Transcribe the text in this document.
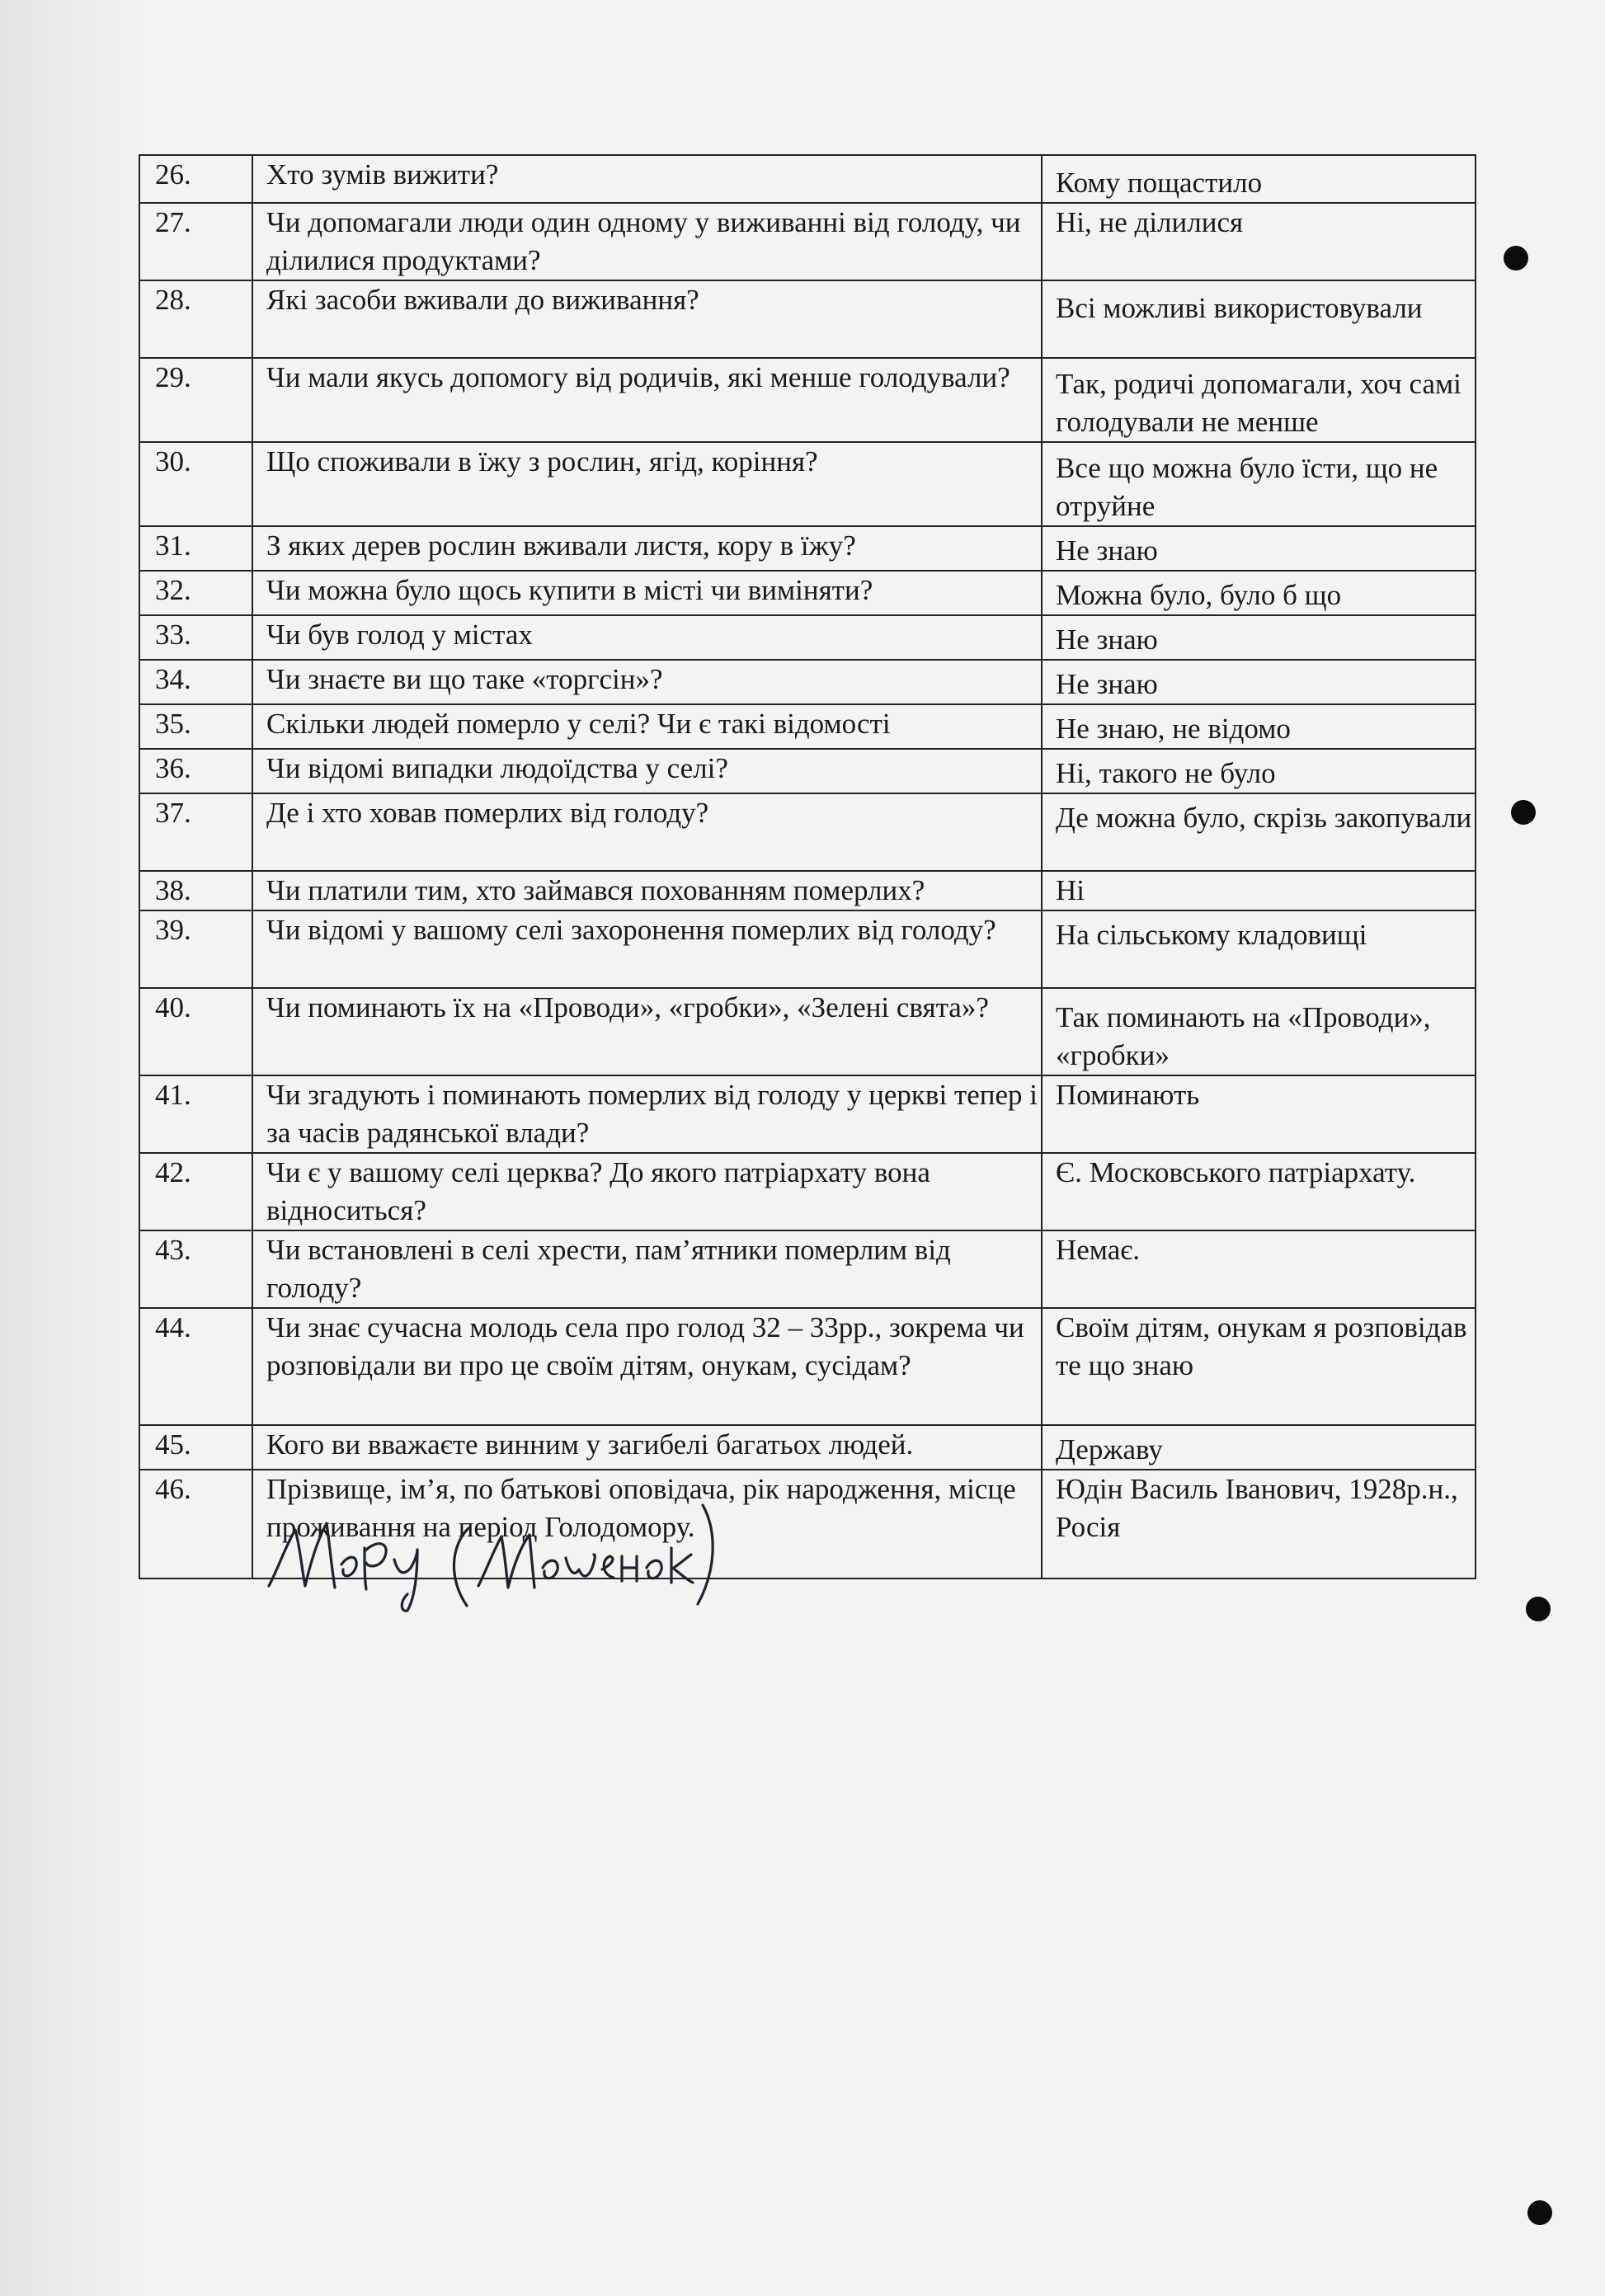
26.	Хто зумів вижити?	Кому пощастило
27.	Чи допомагали люди один одному у виживанні від голоду, чи ділилися продуктами?	Ні, не ділилися
28.	Які засоби вживали до виживання?	Всі можливі використовували
29.	Чи мали якусь допомогу від родичів, які менше голодували?	Так, родичі допомагали, хоч самі голодували не менше
30.	Що споживали в їжу з рослин, ягід, коріння?	Все що можна було їсти, що не отруйне
31.	З яких дерев рослин вживали листя, кору в їжу?	Не знаю
32.	Чи можна було щось купити в місті чи виміняти?	Можна було, було б що
33.	Чи був голод у містах	Не знаю
34.	Чи знаєте ви що таке «торгсін»?	Не знаю
35.	Скільки людей померло у селі? Чи є такі відомості	Не знаю, не відомо
36.	Чи відомі випадки людоїдства у селі?	Ні, такого не було
37.	Де і хто ховав померлих від голоду?	Де можна було, скрізь закопували
38.	Чи платили тим, хто займався похованням померлих?	Ні
39.	Чи відомі у вашому селі захоронення померлих від голоду?	На сільському кладовищі
40.	Чи поминають їх на «Проводи», «гробки», «Зелені свята»?	Так поминають на «Проводи», «гробки»
41.	Чи згадують і поминають померлих від голоду у церкві тепер і за часів радянської влади?	Поминають
42.	Чи є у вашому селі церква? До якого патріархату вона відноситься?	Є. Московського патріархату.
43.	Чи встановлені в селі хрести, пам’ятники померлим від голоду?	Немає.
44.	Чи знає сучасна молодь села про голод 32 – 33рр., зокрема чи розповідали ви про це своїм дітям, онукам, сусідам?	Своїм дітям, онукам я розповідав те що знаю
45.	Кого ви вважаєте винним у загибелі багатьох людей.	Державу
46.	Прізвище, ім’я, по батькові оповідача, рік народження, місце проживання на період Голодомору.	Юдін Василь Іванович, 1928р.н., Росія
